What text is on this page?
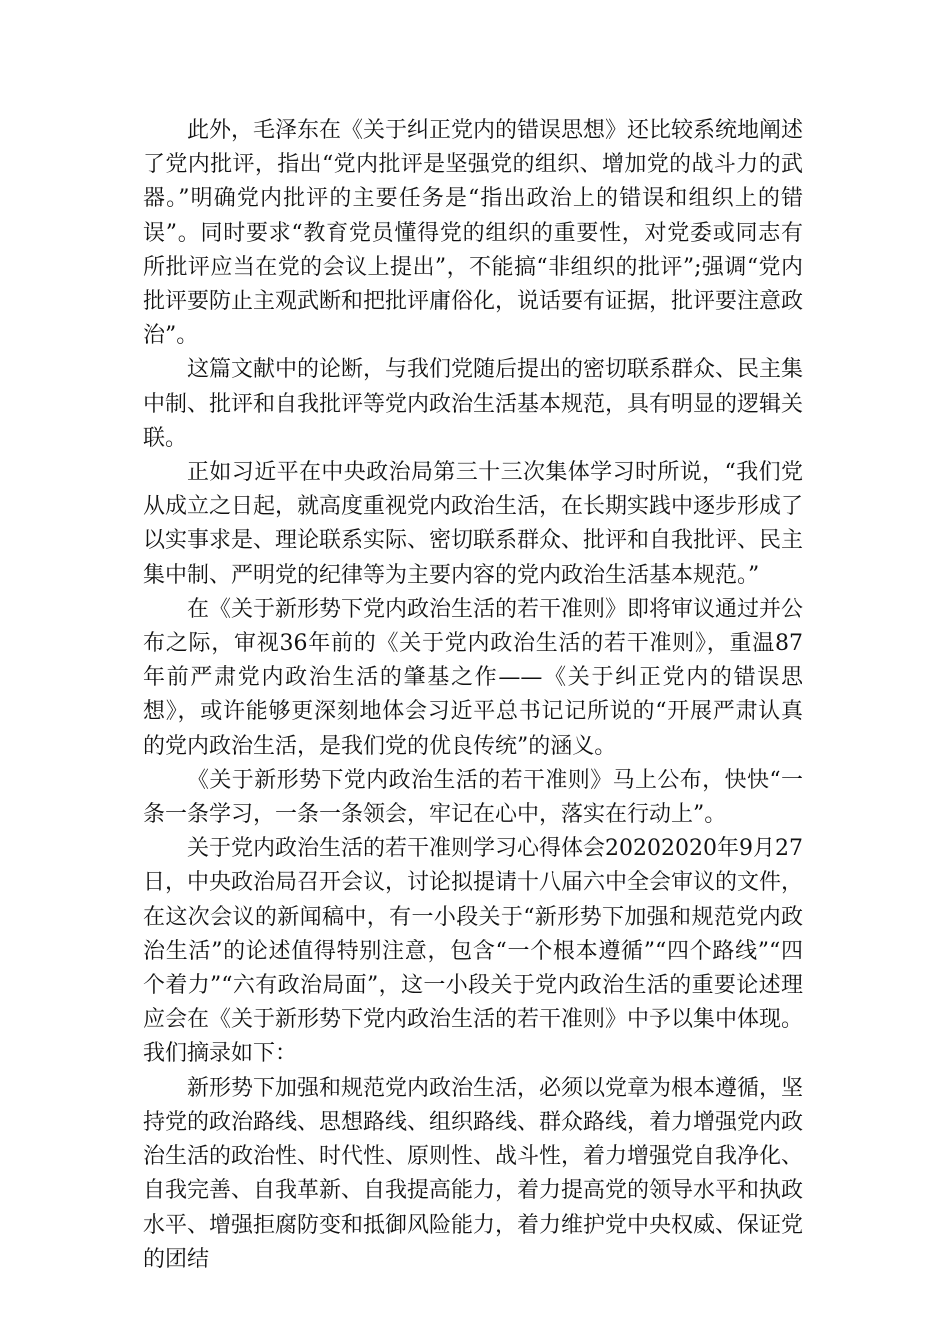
此外，毛泽东在《关于纠正党内的错误思想》还比较系统地阐述了党内批评，指出“党内批评是坚强党的组织、增加党的战斗力的武器。”明确党内批评的主要任务是“指出政治上的错误和组织上的错误”。同时要求“教育党员懂得党的组织的重要性，对党委或同志有所批评应当在党的会议上提出”，不能搞“非组织的批评”;强调“党内批评要防止主观武断和把批评庸俗化，说话要有证据，批评要注意政治”。

这篇文献中的论断，与我们党随后提出的密切联系群众、民主集中制、批评和自我批评等党内政治生活基本规范，具有明显的逻辑关联。

正如习近平在中央政治局第三十三次集体学习时所说，“我们党从成立之日起，就高度重视党内政治生活，在长期实践中逐步形成了以实事求是、理论联系实际、密切联系群众、批评和自我批评、民主集中制、严明党的纪律等为主要内容的党内政治生活基本规范。”

在《关于新形势下党内政治生活的若干准则》即将审议通过并公布之际，审视36年前的《关于党内政治生活的若干准则》，重温87年前严肃党内政治生活的肇基之作——《关于纠正党内的错误思想》，或许能够更深刻地体会习近平总书记记所说的“开展严肃认真的党内政治生活，是我们党的优良传统”的涵义。

《关于新形势下党内政治生活的若干准则》马上公布，快快“一条一条学习，一条一条领会，牢记在心中，落实在行动上”。

关于党内政治生活的若干准则学习心得体会20202020年9月27日，中央政治局召开会议，讨论拟提请十八届六中全会审议的文件，在这次会议的新闻稿中，有一小段关于“新形势下加强和规范党内政治生活”的论述值得特别注意，包含“一个根本遵循”“四个路线”“四个着力”“六有政治局面”，这一小段关于党内政治生活的重要论述理应会在《关于新形势下党内政治生活的若干准则》中予以集中体现。我们摘录如下：

新形势下加强和规范党内政治生活，必须以党章为根本遵循，坚持党的政治路线、思想路线、组织路线、群众路线，着力增强党内政治生活的政治性、时代性、原则性、战斗性，着力增强党自我净化、自我完善、自我革新、自我提高能力，着力提高党的领导水平和执政水平、增强拒腐防变和抵御风险能力，着力维护党中央权威、保证党的团结
